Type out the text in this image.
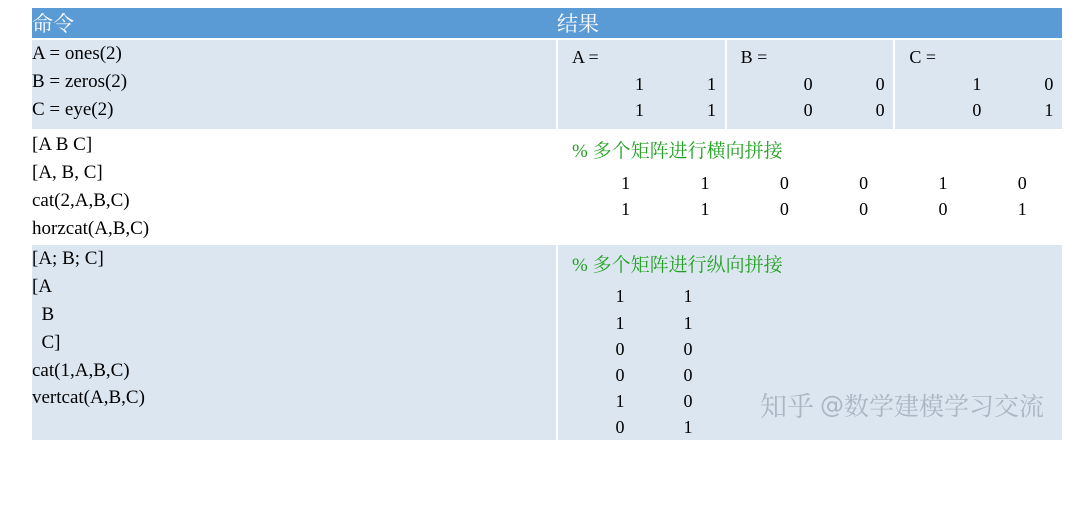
命令	结果

A = ones(2)
B = zeros(2)
C = eye(2)

A =
1	1
1	1
B =
0	0
0	0
C =
1	0
0	1

[A B C]
[A, B, C]
cat(2,A,B,C)
horzcat(A,B,C)

% 多个矩阵进行横向拼接
1	1	0	0	1	0
1	1	0	0	0	1

[A; B; C]
[A
B
C]
cat(1,A,B,C)
vertcat(A,B,C)

% 多个矩阵进行纵向拼接
1	1
1	1
0	0
0	0
1	0
0	1
知乎 @ 数学建模学习交流
